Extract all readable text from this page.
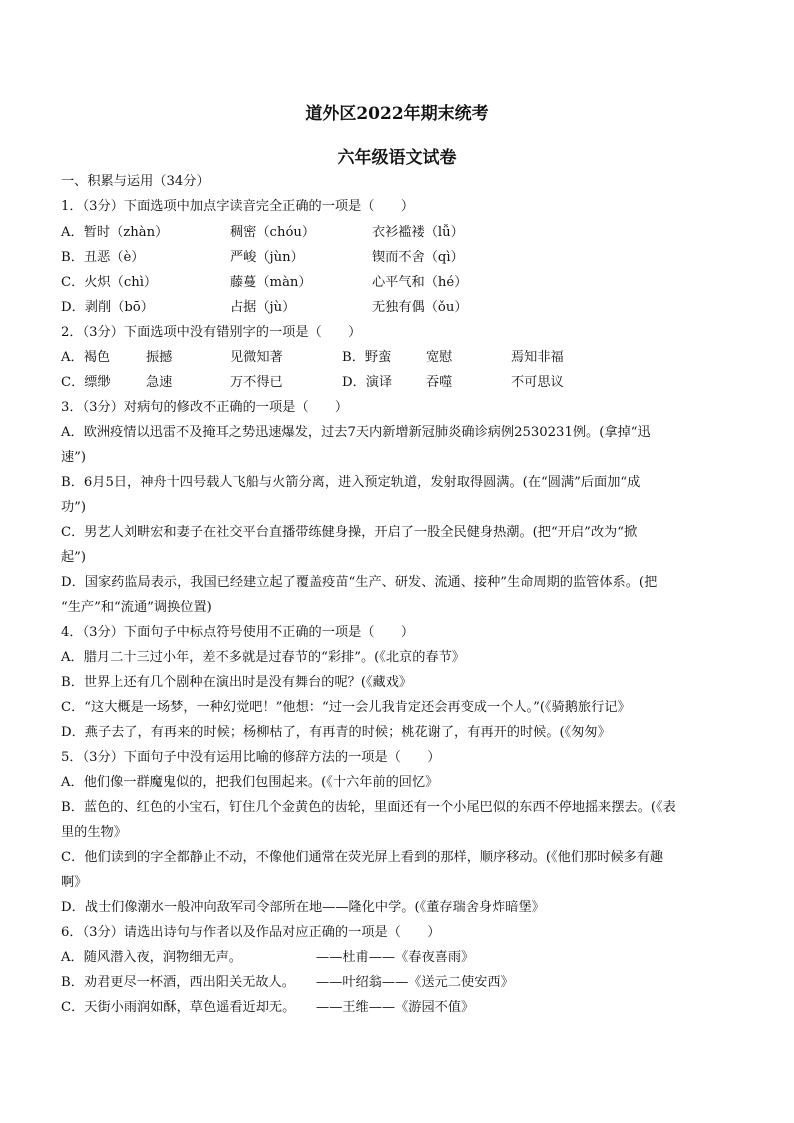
道外区2022年期末统考
六年级语文试卷
一、积累与运用（34分）
1．（3分）下面选项中加点字读音完全正确的一项是（　　）
A．暂时（zhàn）	稠密（chóu）	衣衫褴褛（lǚ）
B．丑恶（è）	严峻（jùn）	锲而不舍（qì）
C．火炽（chì）	藤蔓（màn）	心平气和（hé）
D．剥削（bō）	占据（jù）	无独有偶（ǒu）
2．（3分）下面选项中没有错别字的一项是（　　）
A．褐色	振撼	见微知著	B．野蛮	宽慰	焉知非福
C．缥缈	急速	万不得已	D．演译	吞噬	不可思议
3．（3分）对病句的修改不正确的一项是（　　）
A．欧洲疫情以迅雷不及掩耳之势迅速爆发，过去7天内新增新冠肺炎确诊病例2530231例。(拿掉“迅
速”)
B．6月5日，神舟十四号载人飞船与火箭分离，进入预定轨道，发射取得圆满。(在“圆满”后面加“成
功”)
C．男艺人刘畊宏和妻子在社交平台直播带练健身操，开启了一股全民健身热潮。(把“开启”改为“掀
起”)
D．国家药监局表示，我国已经建立起了覆盖疫苗“生产、研发、流通、接种”生命周期的监管体系。(把
“生产”和“流通”调换位置)
4．（3分）下面句子中标点符号使用不正确的一项是（　　）
A．腊月二十三过小年，差不多就是过春节的“彩排”。(《北京的春节》
B．世界上还有几个剧种在演出时是没有舞台的呢？(《藏戏》
C．“这大概是一场梦，一种幻觉吧！”他想：“过一会儿我肯定还会再变成一个人。”(《骑鹅旅行记》
D．燕子去了，有再来的时候；杨柳枯了，有再青的时候；桃花谢了，有再开的时候。(《匆匆》
5．（3分）下面句子中没有运用比喻的修辞方法的一项是（　　）
A．他们像一群魔鬼似的，把我们包围起来。(《十六年前的回忆》
B．蓝色的、红色的小宝石，钉住几个金黄色的齿轮，里面还有一个小尾巴似的东西不停地摇来摆去。(《表
里的生物》
C．他们读到的字全都静止不动，不像他们通常在荧光屏上看到的那样，顺序移动。(《他们那时候多有趣
啊》
D．战士们像潮水一般冲向敌军司令部所在地——隆化中学。(《董存瑞舍身炸暗堡》
6．（3分）请选出诗句与作者以及作品对应正确的一项是（　　）
A．随风潜入夜，润物细无声。	——杜甫——《春夜喜雨》
B．劝君更尽一杯酒，西出阳关无故人。 ——叶绍翁——《送元二使安西》
C．天街小雨润如酥，草色遥看近却无。 ——王维——《游园不值》
